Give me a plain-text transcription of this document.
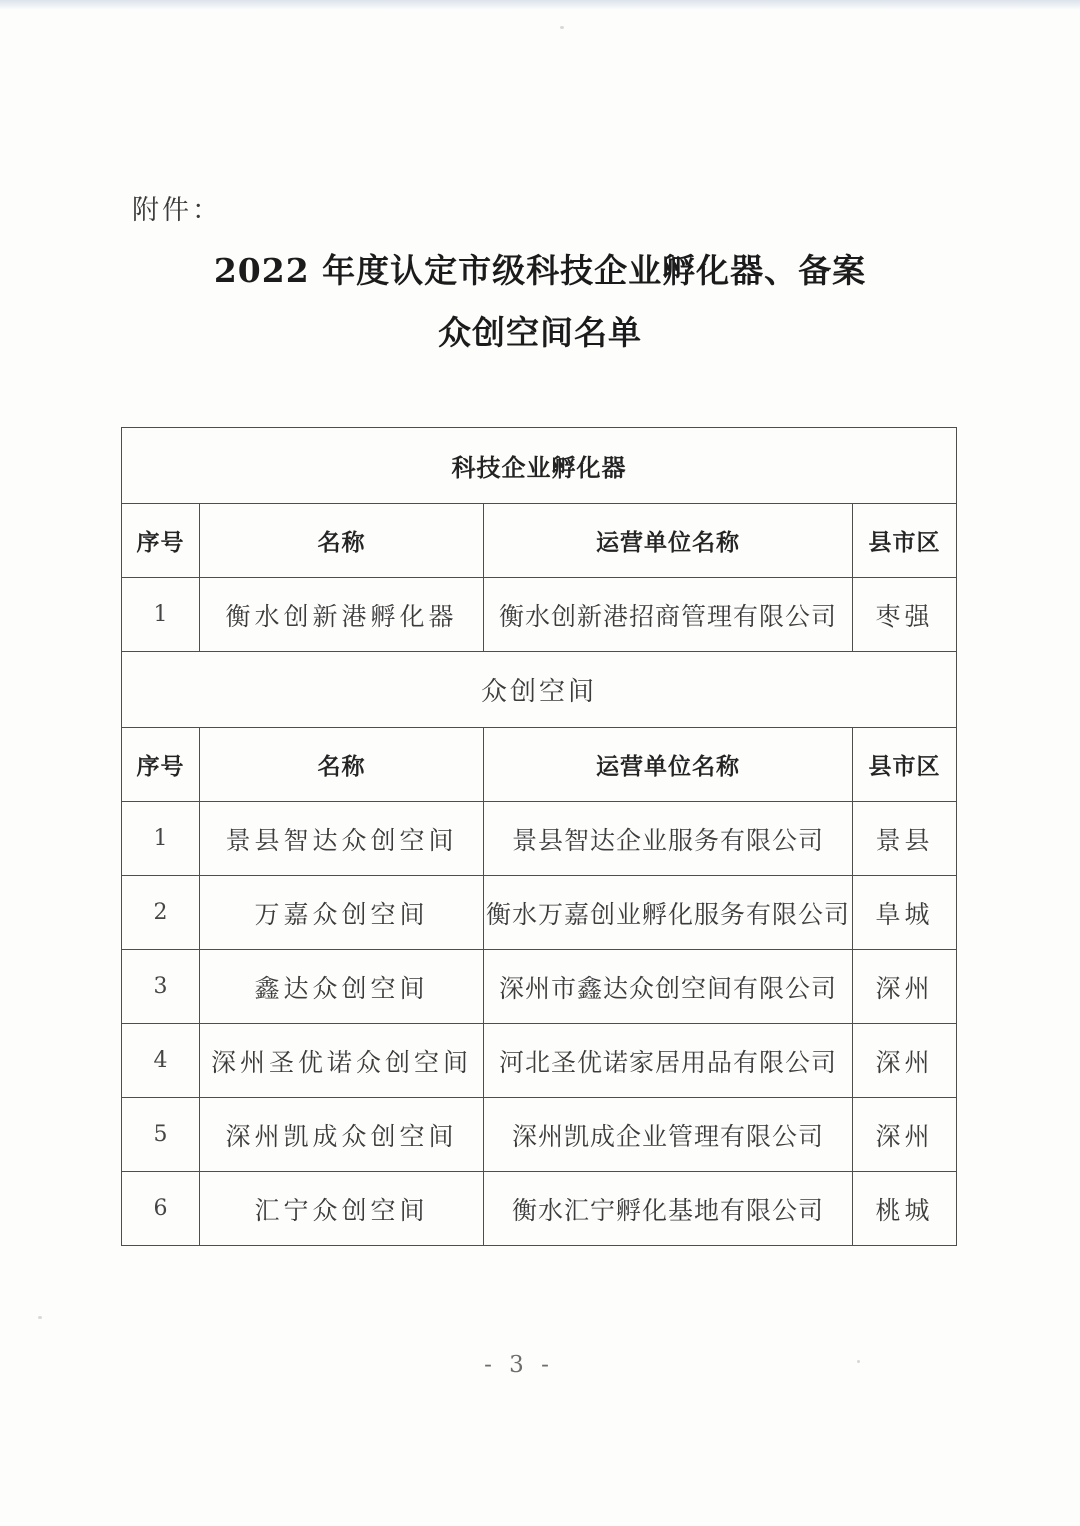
附件：
2022 年度认定市级科技企业孵化器、备案
众创空间名单
科技企业孵化器			
序号	名称	运营单位名称	县市区
1	衡水创新港孵化器	衡水创新港招商管理有限公司	枣强
众创空间			
序号	名称	运营单位名称	县市区
1	景县智达众创空间	景县智达企业服务有限公司	景县
2	万嘉众创空间	衡水万嘉创业孵化服务有限公司	阜城
3	鑫达众创空间	深州市鑫达众创空间有限公司	深州
4	深州圣优诺众创空间	河北圣优诺家居用品有限公司	深州
5	深州凯成众创空间	深州凯成企业管理有限公司	深州
6	汇宁众创空间	衡水汇宁孵化基地有限公司	桃城
- 3 -
